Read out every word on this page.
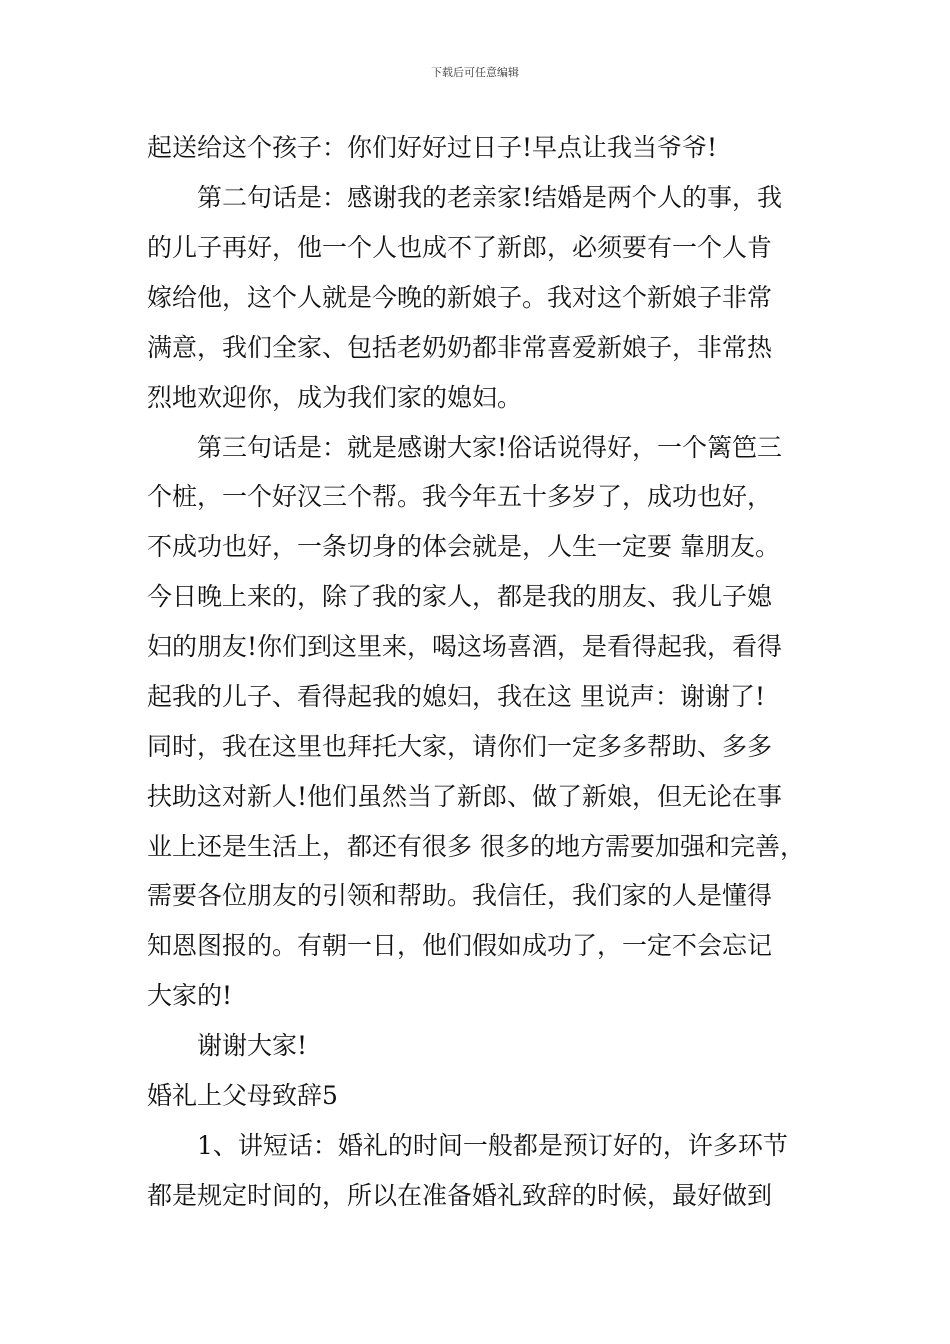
下载后可任意编辑
起送给这个孩子：你们好好过日子!早点让我当爷爷!
第二句话是：感谢我的老亲家!结婚是两个人的事，我
的儿子再好，他一个人也成不了新郎，必须要有一个人肯
嫁给他，这个人就是今晚的新娘子。我对这个新娘子非常
满意，我们全家、包括老奶奶都非常喜爱新娘子，非常热
烈地欢迎你，成为我们家的媳妇。
第三句话是：就是感谢大家!俗话说得好，一个篱笆三
个桩，一个好汉三个帮。我今年五十多岁了，成功也好，
不成功也好，一条切身的体会就是，人生一定要 靠朋友。
今日晚上来的，除了我的家人，都是我的朋友、我儿子媳
妇的朋友!你们到这里来，喝这场喜酒，是看得起我，看得
起我的儿子、看得起我的媳妇，我在这 里说声：谢谢了!
同时，我在这里也拜托大家，请你们一定多多帮助、多多
扶助这对新人!他们虽然当了新郎、做了新娘，但无论在事
业上还是生活上，都还有很多 很多的地方需要加强和完善，
需要各位朋友的引领和帮助。我信任，我们家的人是懂得
知恩图报的。有朝一日，他们假如成功了，一定不会忘记
大家的!
谢谢大家!
婚礼上父母致辞5
1、讲短话：婚礼的时间一般都是预订好的，许多环节
都是规定时间的，所以在准备婚礼致辞的时候，最好做到
